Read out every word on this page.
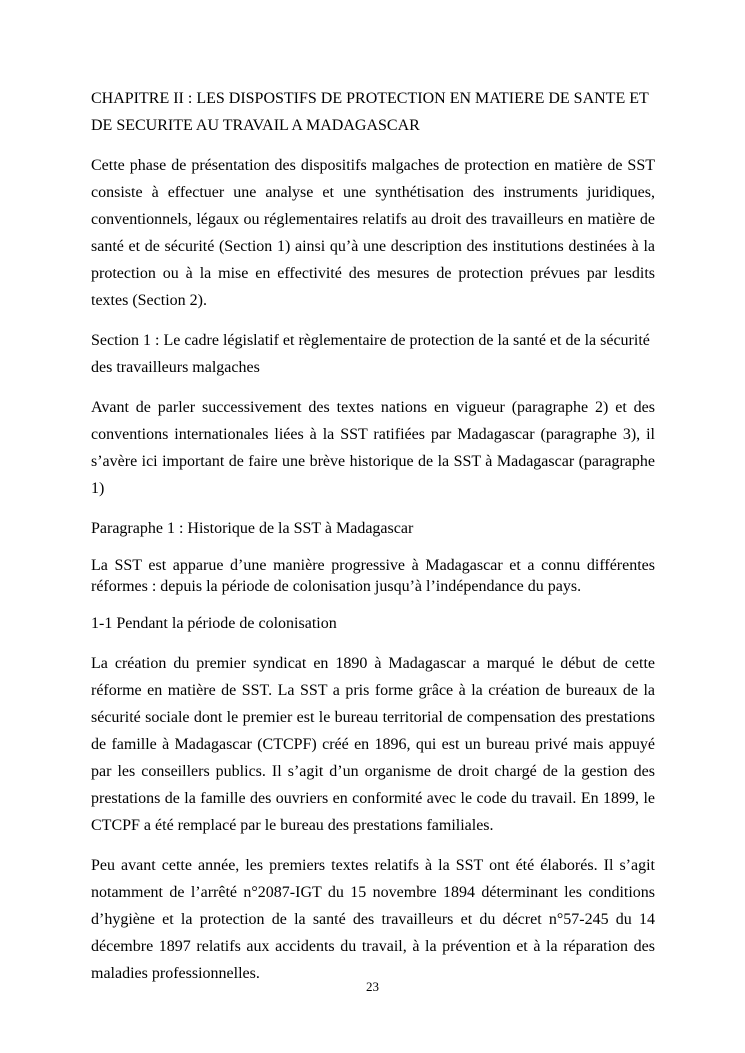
CHAPITRE II : LES DISPOSTIFS DE PROTECTION EN MATIERE DE SANTE ET DE SECURITE AU TRAVAIL A MADAGASCAR

Cette phase de présentation des dispositifs malgaches de protection en matière de SST consiste à effectuer une analyse et une synthétisation des instruments juridiques, conventionnels, légaux ou réglementaires relatifs au droit des travailleurs en matière de santé et de sécurité (Section 1) ainsi qu’à une description des institutions destinées à la protection ou à la mise en effectivité des mesures de protection prévues par lesdits textes (Section 2).

Section 1 : Le cadre législatif et règlementaire de protection de la santé et de la sécurité des travailleurs malgaches

Avant de parler successivement des textes nations en vigueur (paragraphe 2) et des conventions internationales liées à la SST ratifiées par Madagascar (paragraphe 3), il s’avère ici important de faire une brève historique de la SST à Madagascar (paragraphe 1)

Paragraphe 1 : Historique de la SST à Madagascar

La SST est apparue d’une manière progressive à Madagascar et a connu différentes réformes : depuis la période de colonisation jusqu’à l’indépendance du pays.

1-1 Pendant la période de colonisation

La création du premier syndicat en 1890 à Madagascar a marqué le début de cette réforme en matière de SST. La SST a pris forme grâce à la création de bureaux de la sécurité sociale dont le premier est le bureau territorial de compensation des prestations de famille à Madagascar (CTCPF) créé en 1896, qui est un bureau privé mais appuyé par les conseillers publics. Il s’agit d’un organisme de droit chargé de la gestion des prestations de la famille des ouvriers en conformité avec le code du travail. En 1899, le CTCPF a été remplacé par le bureau des prestations familiales.

Peu avant cette année, les premiers textes relatifs à la SST ont été élaborés. Il s’agit notamment de l’arrêté n°2087-IGT du 15 novembre 1894 déterminant les conditions d’hygiène et la protection de la santé des travailleurs et du décret n°57-245 du 14 décembre 1897 relatifs aux accidents du travail, à la prévention et à la réparation des maladies professionnelles.

23
